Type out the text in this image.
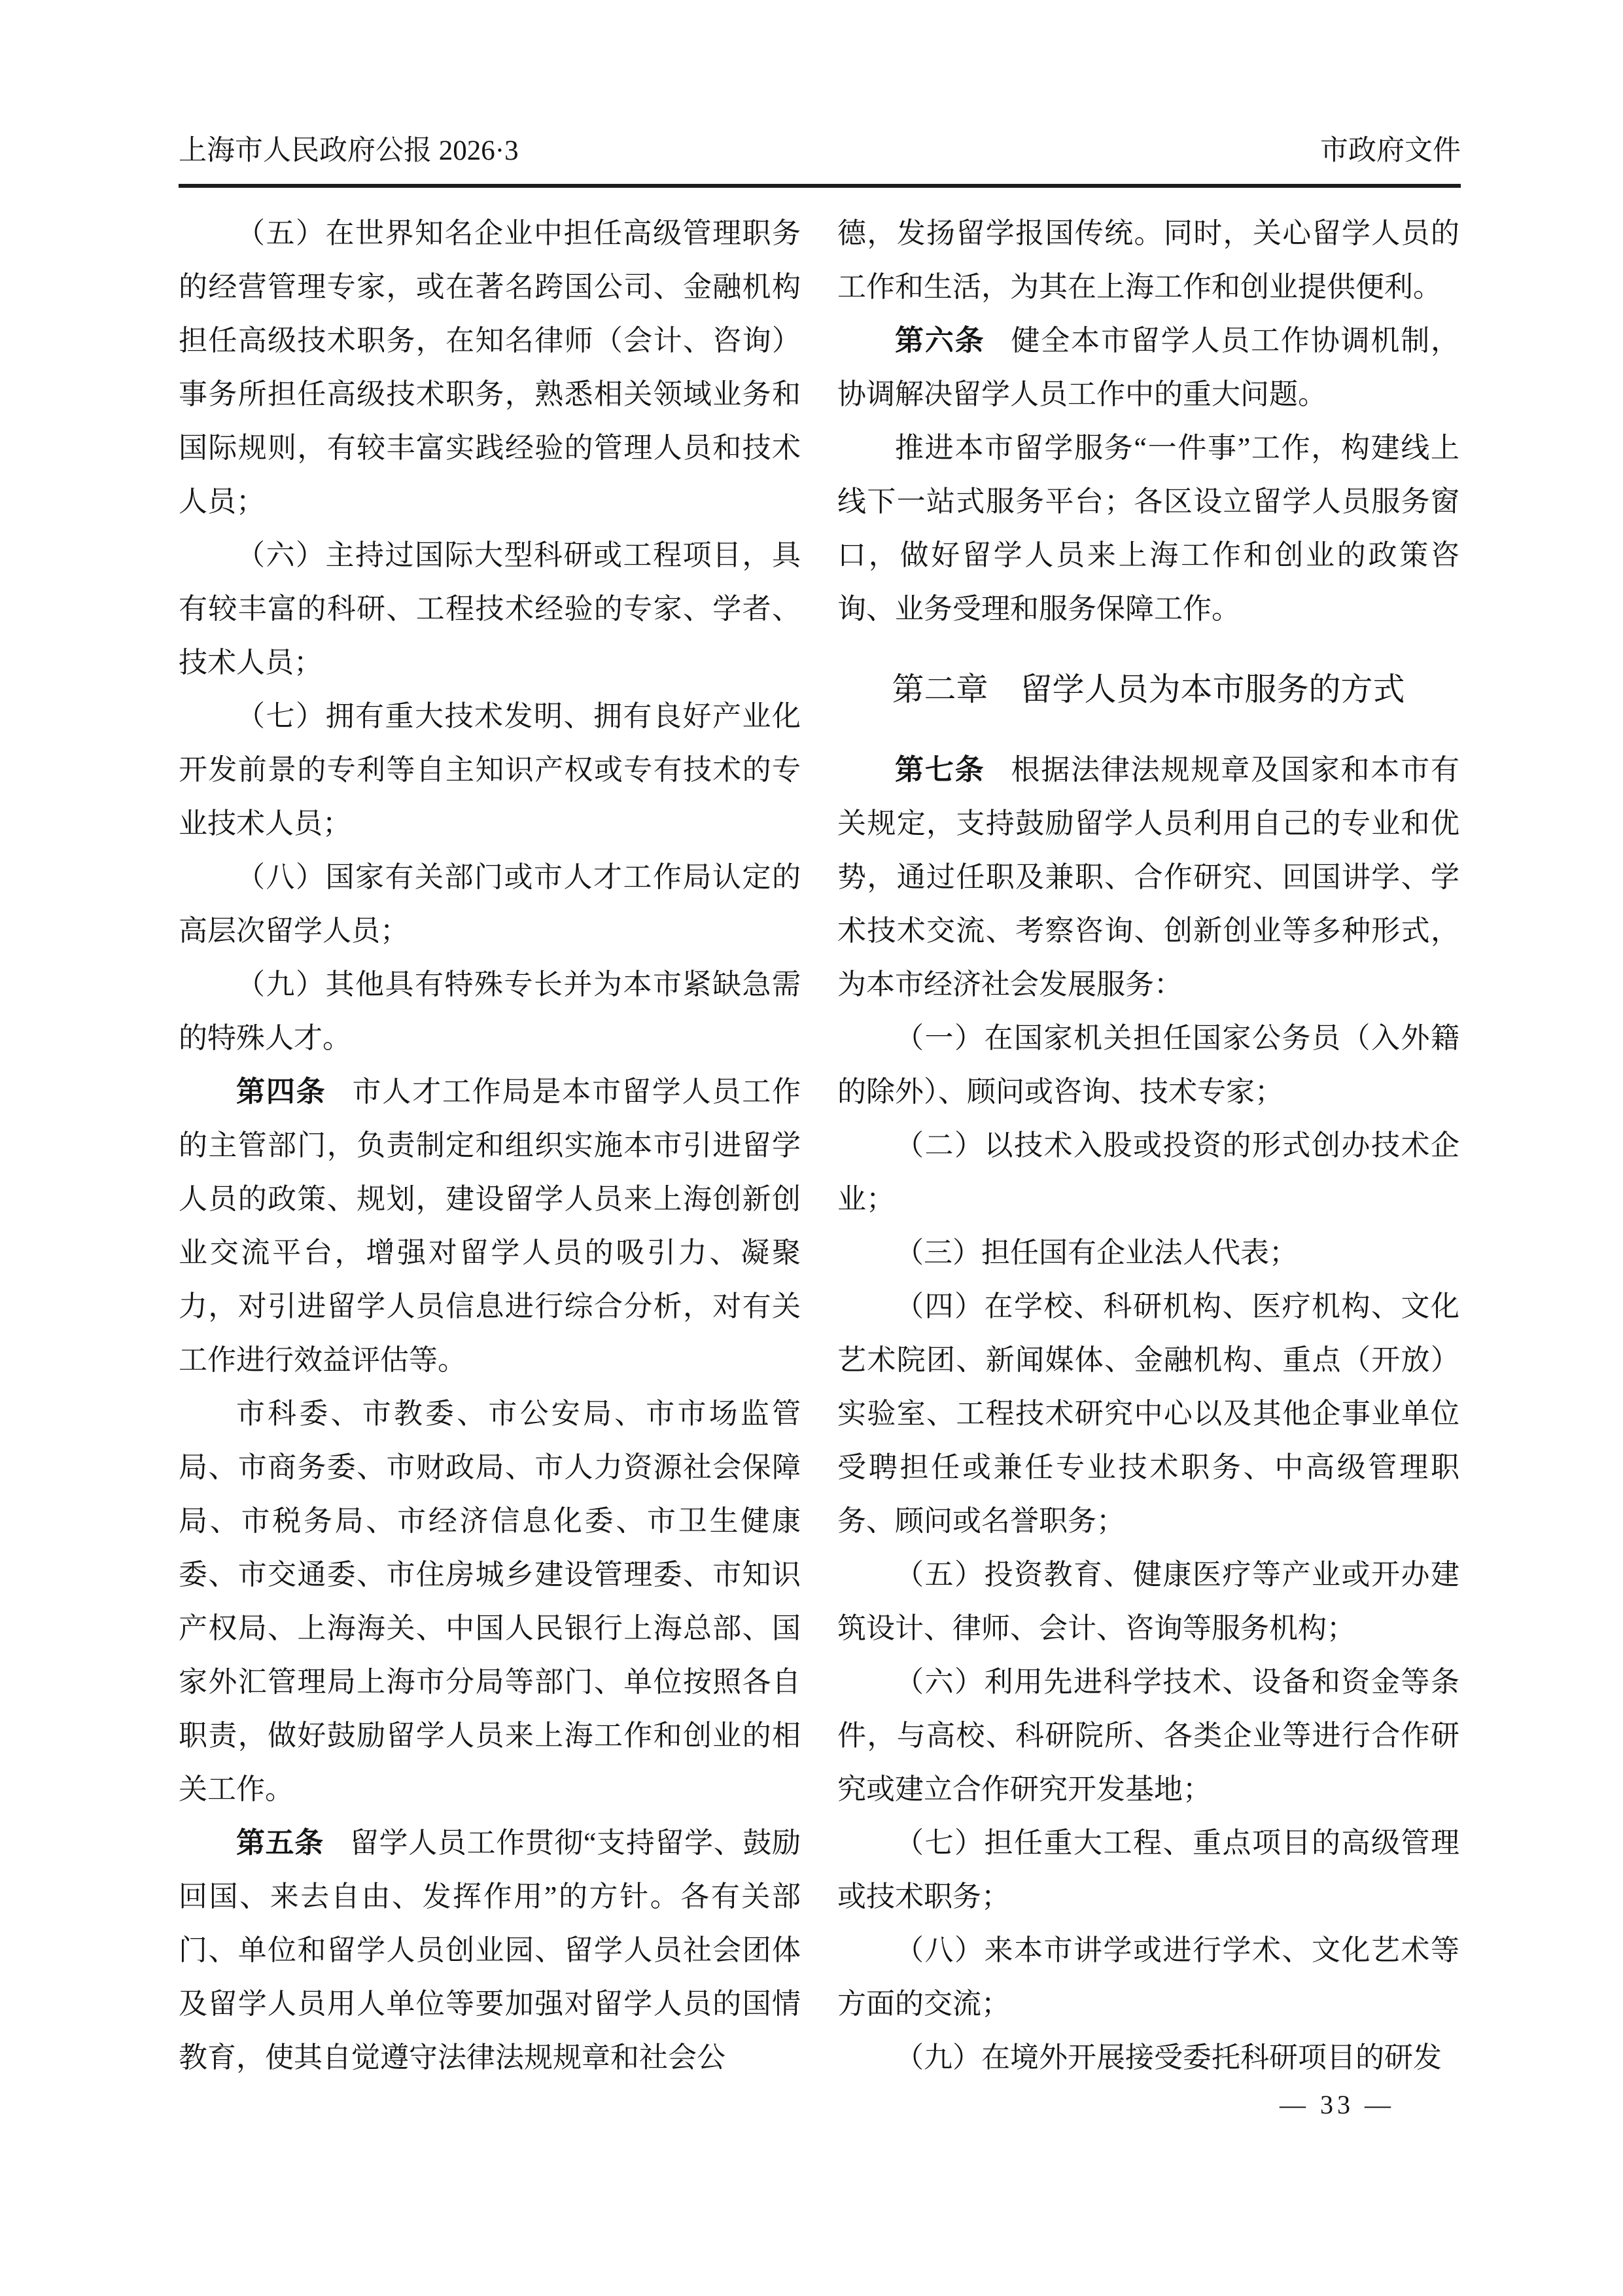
上海市人民政府公报 2026·3	市政府文件

（五）在世界知名企业中担任高级管理职务的经营管理专家，或在著名跨国公司、金融机构担任高级技术职务，在知名律师（会计、咨询）事务所担任高级技术职务，熟悉相关领域业务和国际规则，有较丰富实践经验的管理人员和技术人员；

（六）主持过国际大型科研或工程项目，具有较丰富的科研、工程技术经验的专家、学者、技术人员；

（七）拥有重大技术发明、拥有良好产业化开发前景的专利等自主知识产权或专有技术的专业技术人员；

（八）国家有关部门或市人才工作局认定的高层次留学人员；

（九）其他具有特殊专长并为本市紧缺急需的特殊人才。

第四条 市人才工作局是本市留学人员工作的主管部门，负责制定和组织实施本市引进留学人员的政策、规划，建设留学人员来上海创新创业交流平台，增强对留学人员的吸引力、凝聚力，对引进留学人员信息进行综合分析，对有关工作进行效益评估等。

市科委、市教委、市公安局、市市场监管局、市商务委、市财政局、市人力资源社会保障局、市税务局、市经济信息化委、市卫生健康委、市交通委、市住房城乡建设管理委、市知识产权局、上海海关、中国人民银行上海总部、国家外汇管理局上海市分局等部门、单位按照各自职责，做好鼓励留学人员来上海工作和创业的相关工作。

第五条 留学人员工作贯彻“支持留学、鼓励回国、来去自由、发挥作用”的方针。各有关部门、单位和留学人员创业园、留学人员社会团体及留学人员用人单位等要加强对留学人员的国情教育，使其自觉遵守法律法规规章和社会公

德，发扬留学报国传统。同时，关心留学人员的工作和生活，为其在上海工作和创业提供便利。

第六条 健全本市留学人员工作协调机制，协调解决留学人员工作中的重大问题。

推进本市留学服务“一件事”工作，构建线上线下一站式服务平台；各区设立留学人员服务窗口，做好留学人员来上海工作和创业的政策咨询、业务受理和服务保障工作。

第二章　留学人员为本市服务的方式

第七条 根据法律法规规章及国家和本市有关规定，支持鼓励留学人员利用自己的专业和优势，通过任职及兼职、合作研究、回国讲学、学术技术交流、考察咨询、创新创业等多种形式，为本市经济社会发展服务：

（一）在国家机关担任国家公务员（入外籍的除外）、顾问或咨询、技术专家；

（二）以技术入股或投资的形式创办技术企业；

（三）担任国有企业法人代表；

（四）在学校、科研机构、医疗机构、文化艺术院团、新闻媒体、金融机构、重点（开放）实验室、工程技术研究中心以及其他企事业单位受聘担任或兼任专业技术职务、中高级管理职务、顾问或名誉职务；

（五）投资教育、健康医疗等产业或开办建筑设计、律师、会计、咨询等服务机构；

（六）利用先进科学技术、设备和资金等条件，与高校、科研院所、各类企业等进行合作研究或建立合作研究开发基地；

（七）担任重大工程、重点项目的高级管理或技术职务；

（八）来本市讲学或进行学术、文化艺术等方面的交流；

（九）在境外开展接受委托科研项目的研发

— 33 —
